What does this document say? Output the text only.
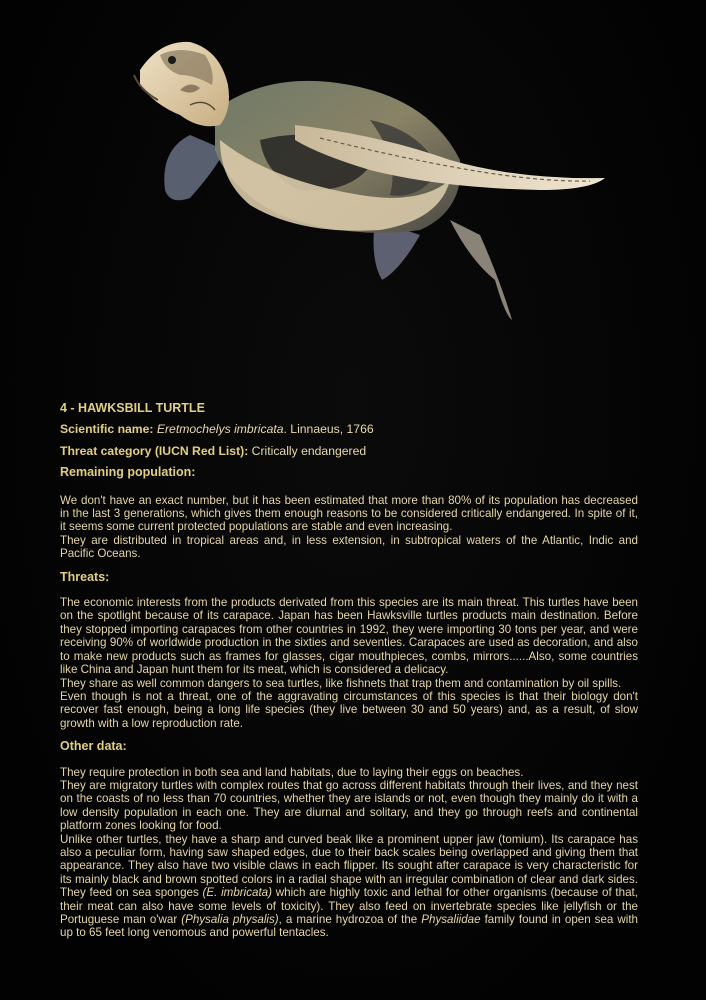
4 - HAWKSBILL TURTLE
Scientific name: Eretmochelys imbricata. Linnaeus, 1766
Threat category (IUCN Red List): Critically endangered
Remaining population:

We don't have an exact number, but it has been estimated that more than 80% of its population has decreased in the last 3 generations, which gives them enough reasons to be considered critically endangered. In spite of it, it seems some current protected populations are stable and even increasing.

They are distributed in tropical areas and, in less extension, in subtropical waters of the Atlantic, Indic and Pacific Oceans.

Threats:

The economic interests from the products derivated from this species are its main threat. This turtles have been on the spotlight because of its carapace. Japan has been Hawksville turtles products main destination. Before they stopped importing carapaces from other countries in 1992, they were importing 30 tons per year, and were receiving 90% of worldwide production in the sixties and seventies. Carapaces are used as decoration, and also to make new products such as frames for glasses, cigar mouthpieces, combs, mirrors......Also, some countries like China and Japan hunt them for its meat, which is considered a delicacy.

They share as well common dangers to sea turtles, like fishnets that trap them and contamination by oil spills.

Even though is not a threat, one of the aggravating circumstances of this species is that their biology don't recover fast enough, being a long life species (they live between 30 and 50 years) and, as a result, of slow growth with a low reproduction rate.

Other data:

They require protection in both sea and land habitats, due to laying their eggs on beaches.

They are migratory turtles with complex routes that go across different habitats through their lives, and they nest on the coasts of no less than 70 countries, whether they are islands or not, even though they mainly do it with a low density population in each one. They are diurnal and solitary, and they go through reefs and continental platform zones looking for food.

Unlike other turtles, they have a sharp and curved beak like a prominent upper jaw (tomium). Its carapace has also a peculiar form, having saw shaped edges, due to their back scales being overlapped and giving them that appearance. They also have two visible claws in each flipper. Its sought after carapace is very characteristic for its mainly black and brown spotted colors in a radial shape with an irregular combination of clear and dark sides. They feed on sea sponges (E. imbricata) which are highly toxic and lethal for other organisms (because of that, their meat can also have some levels of toxicity). They also feed on invertebrate species like jellyfish or the Portuguese man o'war (Physalia physalis), a marine hydrozoa of the Physaliidae family found in open sea with up to 65 feet long venomous and powerful tentacles.
